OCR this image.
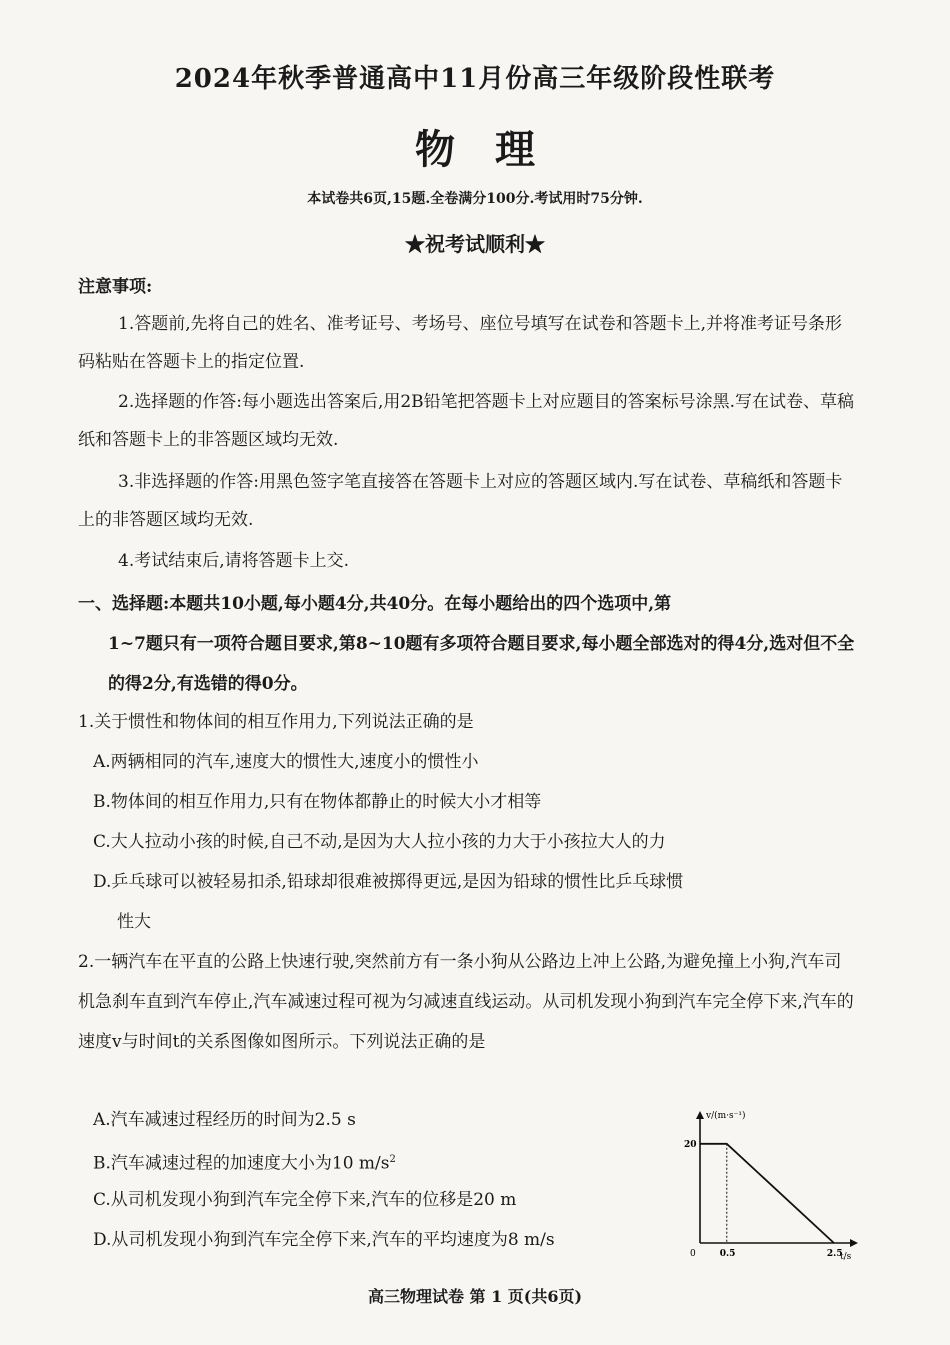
2024年秋季普通高中11月份高三年级阶段性联考
物理
本试卷共6页,15题.全卷满分100分.考试用时75分钟.
★祝考试顺利★
注意事项:
1.答题前,先将自己的姓名、准考证号、考场号、座位号填写在试卷和答题卡上,并将准考证号条形码粘贴在答题卡上的指定位置.
2.选择题的作答:每小题选出答案后,用2B铅笔把答题卡上对应题目的答案标号涂黑.写在试卷、草稿纸和答题卡上的非答题区域均无效.
3.非选择题的作答:用黑色签字笔直接答在答题卡上对应的答题区域内.写在试卷、草稿纸和答题卡上的非答题区域均无效.
4.考试结束后,请将答题卡上交.
一、选择题:本题共10小题,每小题4分,共40分。在每小题给出的四个选项中,第
1~7题只有一项符合题目要求,第8~10题有多项符合题目要求,每小题全部选对的得4分,选对但不全的得2分,有选错的得0分。
1.关于惯性和物体间的相互作用力,下列说法正确的是
A.两辆相同的汽车,速度大的惯性大,速度小的惯性小
B.物体间的相互作用力,只有在物体都静止的时候大小才相等
C.大人拉动小孩的时候,自己不动,是因为大人拉小孩的力大于小孩拉大人的力
D.乒乓球可以被轻易扣杀,铅球却很难被掷得更远,是因为铅球的惯性比乒乓球惯
性大
2.一辆汽车在平直的公路上快速行驶,突然前方有一条小狗从公路边上冲上公路,为避免撞上小狗,汽车司机急刹车直到汽车停止,汽车减速过程可视为匀减速直线运动。从司机发现小狗到汽车完全停下来,汽车的速度v与时间t的关系图像如图所示。下列说法正确的是
A.汽车减速过程经历的时间为2.5 s
B.汽车减速过程的加速度大小为10 $m/s^2$
C.从司机发现小狗到汽车完全停下来,汽车的位移是20 m
D.从司机发现小狗到汽车完全停下来,汽车的平均速度为8 m/s
v/(m·s⁻¹)
t/s
0
20
0.5	2.5
高三物理试卷 第 1 页(共6页)
